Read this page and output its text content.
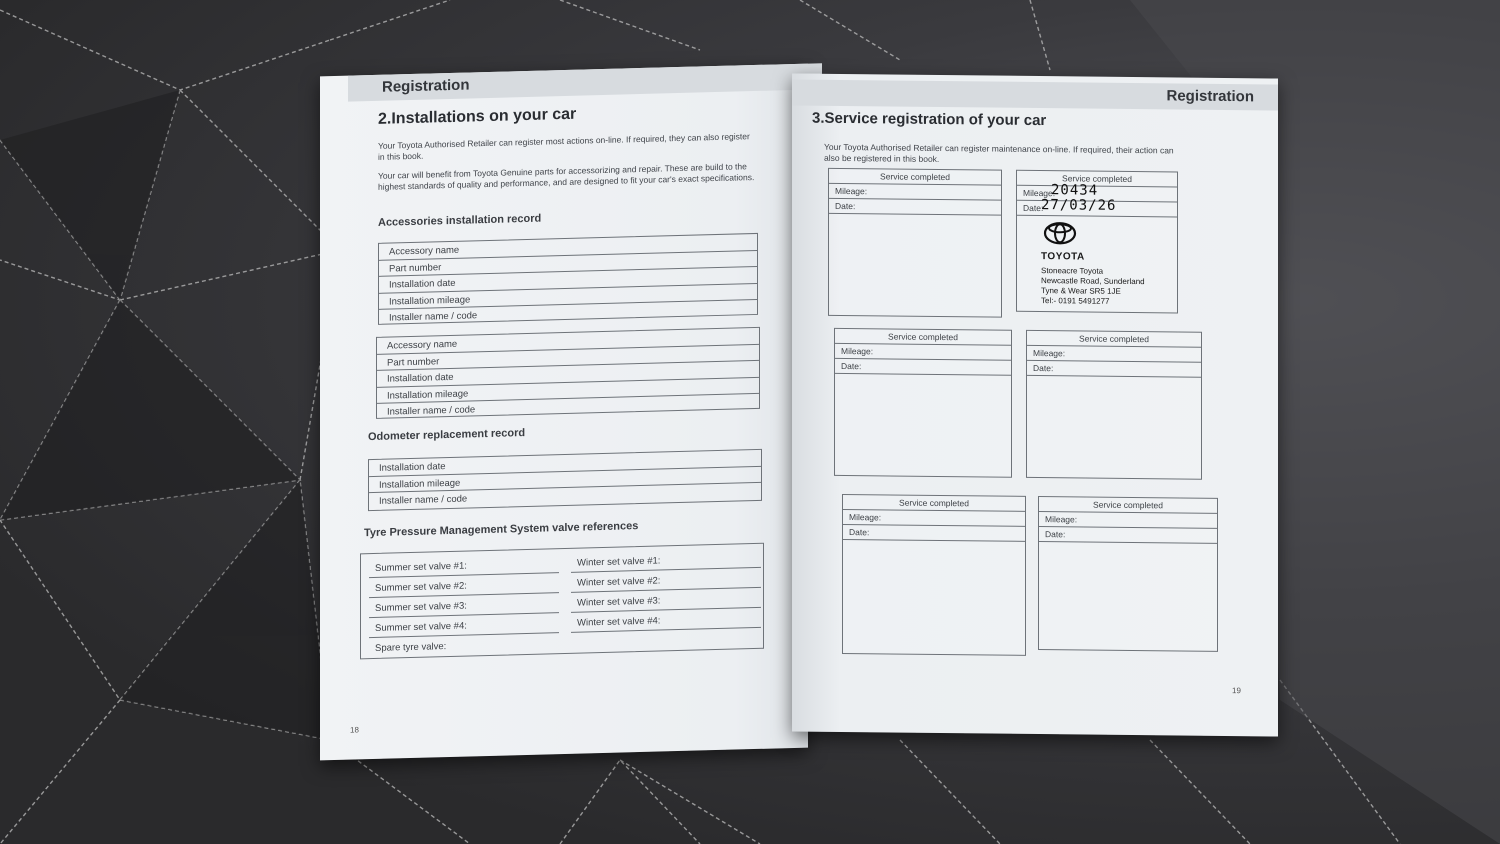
Registration
2.Installations on your car
Your Toyota Authorised Retailer can register most actions on-line. If required, they can also register in this book.
Your car will benefit from Toyota Genuine parts for accessorizing and repair. These are build to the highest standards of quality and performance, and are designed to fit your car's exact specifications.
Accessories installation record
Accessory name
Part number
Installation date
Installation mileage
Installer name / code
Accessory name
Part number
Installation date
Installation mileage
Installer name / code
Odometer replacement record
Installation date
Installation mileage
Installer name / code
Tyre Pressure Management System valve references
Summer set valve #1:
Summer set valve #2:
Summer set valve #3:
Summer set valve #4:
Spare tyre valve:
Winter set valve #1:
Winter set valve #2:
Winter set valve #3:
Winter set valve #4:
18
Registration
3.Service registration of your car
Your Toyota Authorised Retailer can register maintenance on-line. If required, their action can also be registered in this book.
Service completed
Mileage:
Date:
Service completed
Mileage:
20434
Date:
27/03/26
TOYOTA
Stoneacre Toyota
Newcastle Road, Sunderland
Tyne & Wear SR5 1JE
Tel:- 0191 5491277
Service completed
Mileage:
Date:
Service completed
Mileage:
Date:
Service completed
Mileage:
Date:
Service completed
Mileage:
Date:
19
